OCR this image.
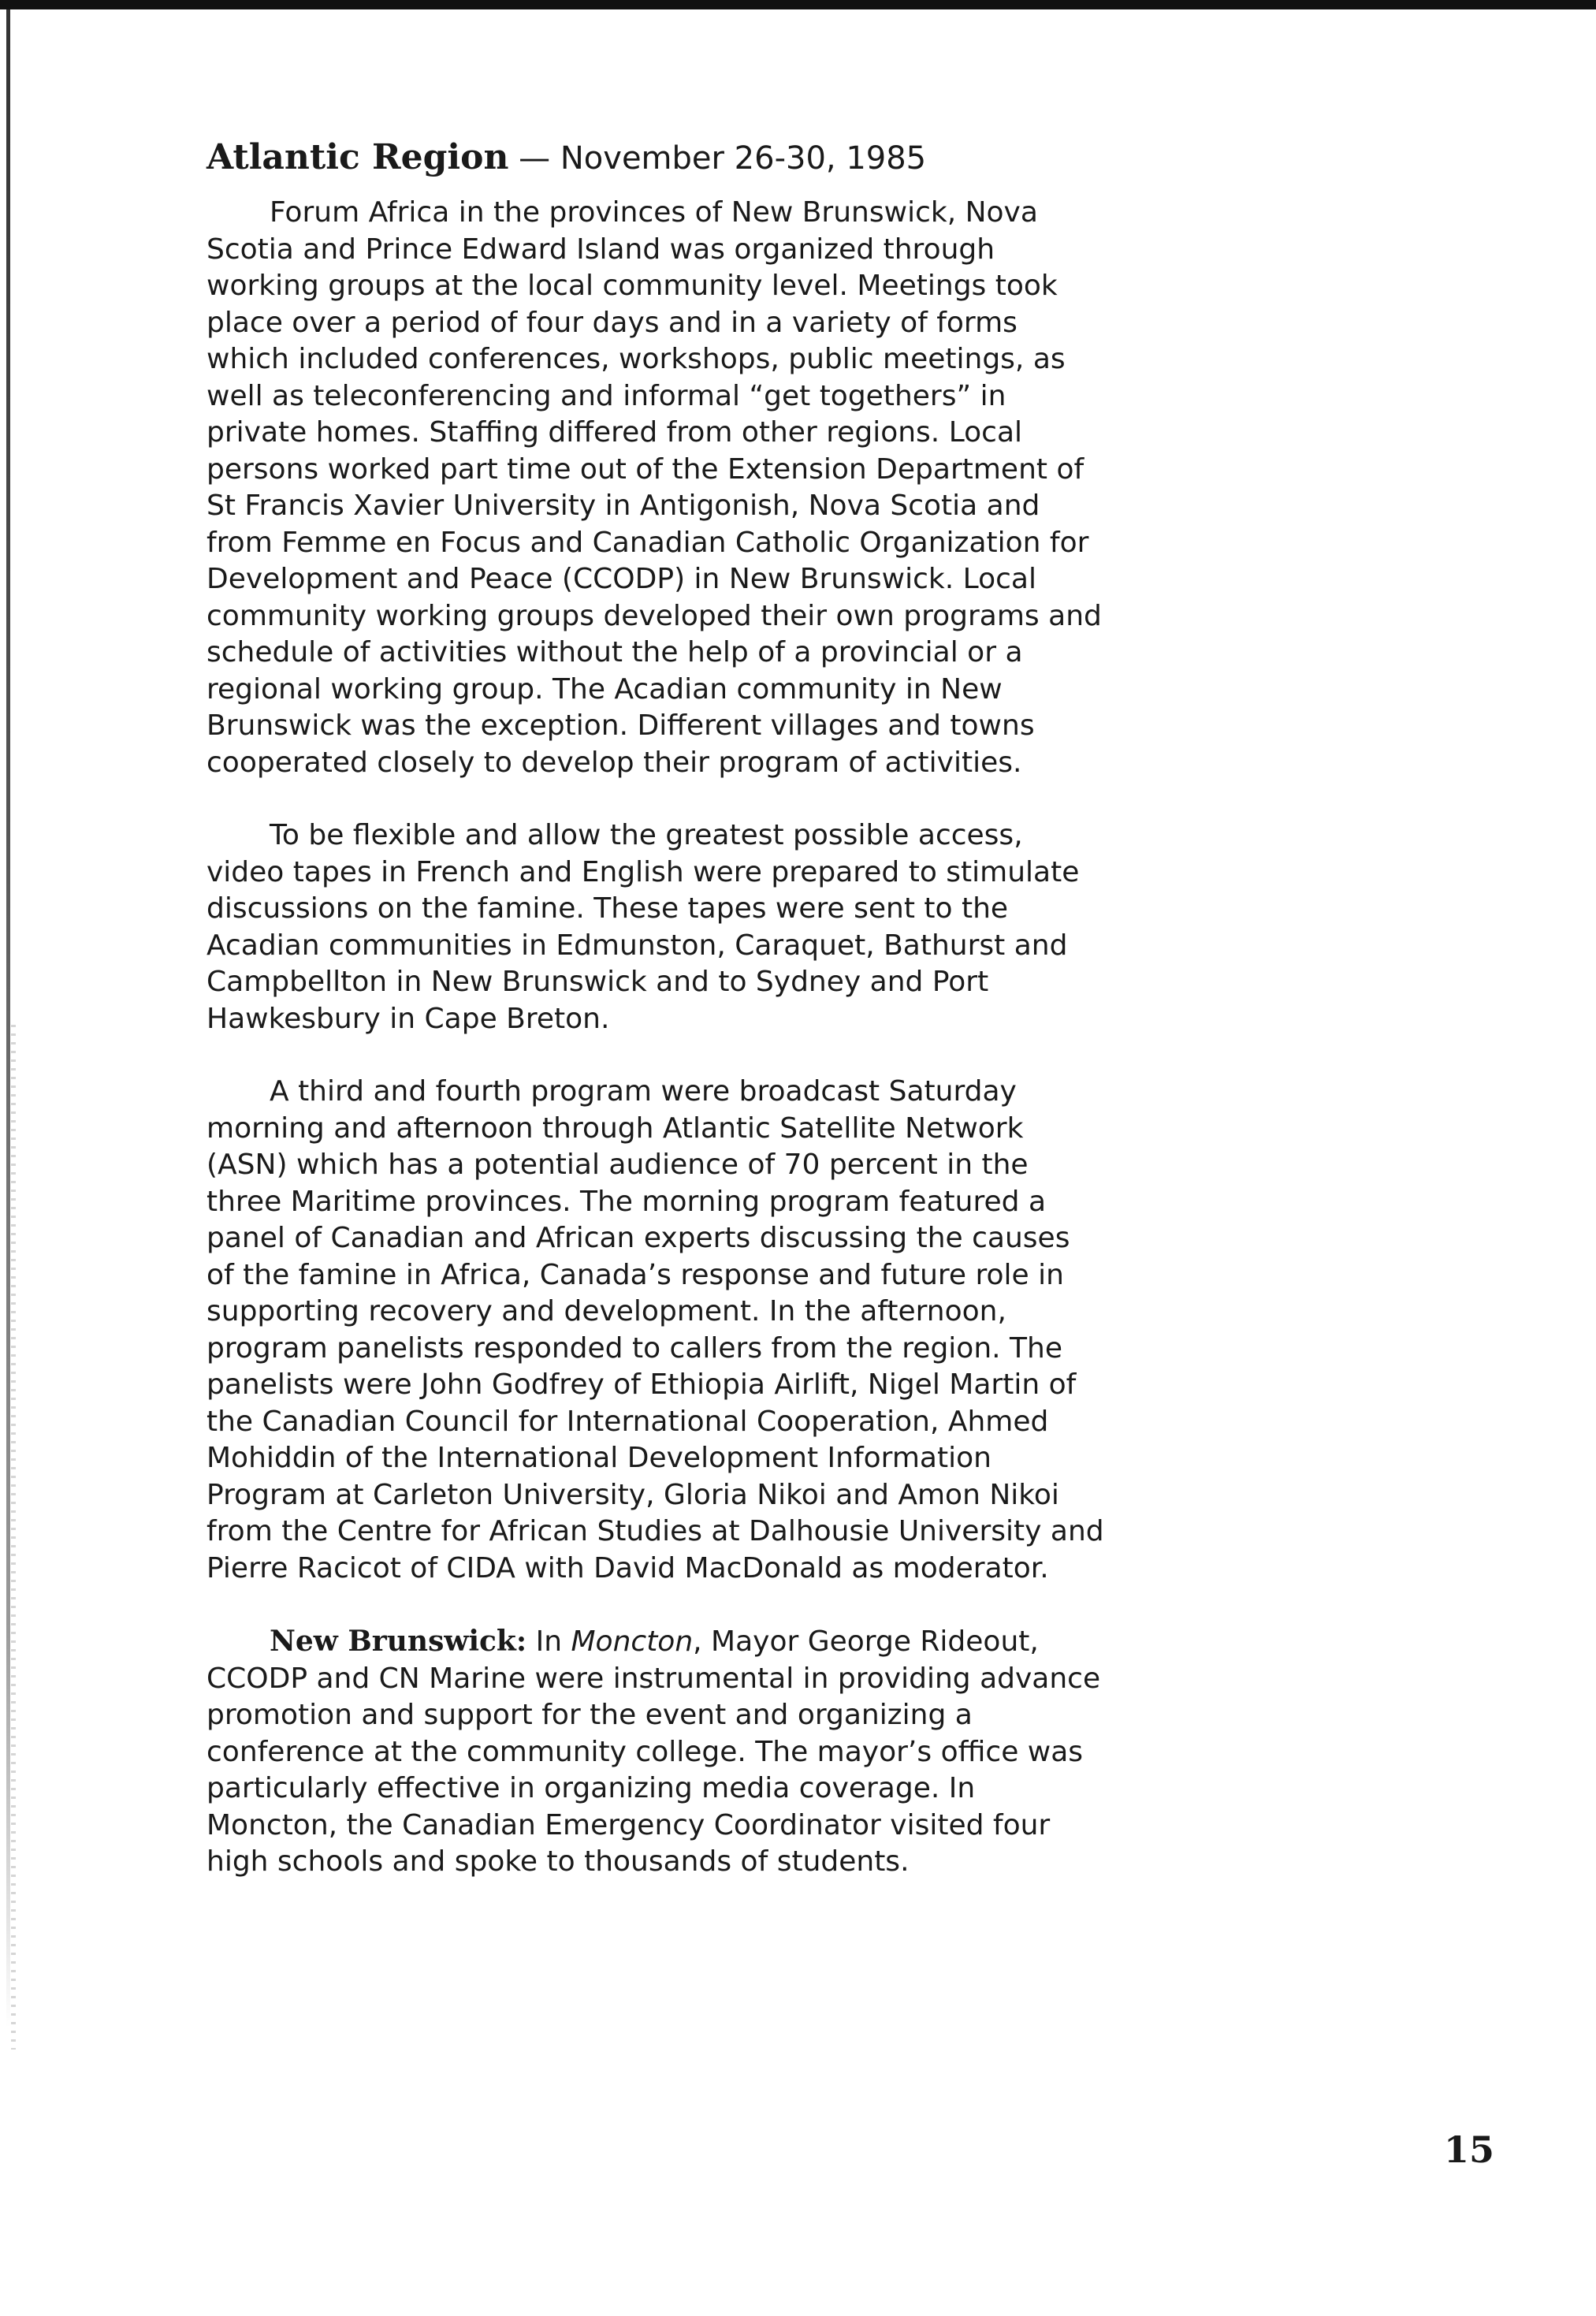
Atlantic Region — November 26-30, 1985

Forum Africa in the provinces of New Brunswick, Nova Scotia and Prince Edward Island was organized through working groups at the local community level. Meetings took place over a period of four days and in a variety of forms which included conferences, workshops, public meetings, as well as teleconferencing and informal “get togethers” in private homes. Staffing differed from other regions. Local persons worked part time out of the Extension Department of St Francis Xavier University in Antigonish, Nova Scotia and from Femme en Focus and Canadian Catholic Organization for Development and Peace (CCODP) in New Brunswick. Local community working groups developed their own programs and schedule of activities without the help of a provincial or a regional working group. The Acadian community in New Brunswick was the exception. Different villages and towns cooperated closely to develop their program of activities.

To be flexible and allow the greatest possible access, video tapes in French and English were prepared to stimulate discussions on the famine. These tapes were sent to the Acadian communities in Edmunston, Caraquet, Bathurst and Campbellton in New Brunswick and to Sydney and Port Hawkesbury in Cape Breton.

A third and fourth program were broadcast Saturday morning and afternoon through Atlantic Satellite Network (ASN) which has a potential audience of 70 percent in the three Maritime provinces. The morning program featured a panel of Canadian and African experts discussing the causes of the famine in Africa, Canada’s response and future role in supporting recovery and development. In the afternoon, program panelists responded to callers from the region. The panelists were John Godfrey of Ethiopia Airlift, Nigel Martin of the Canadian Council for International Cooperation, Ahmed Mohiddin of the International Development Information Program at Carleton University, Gloria Nikoi and Amon Nikoi from the Centre for African Studies at Dalhousie University and Pierre Racicot of CIDA with David MacDonald as moderator.

New Brunswick: In Moncton, Mayor George Rideout, CCODP and CN Marine were instrumental in providing advance promotion and support for the event and organizing a conference at the community college. The mayor’s office was particularly effective in organizing media coverage. In Moncton, the Canadian Emergency Coordinator visited four high schools and spoke to thousands of students.

15
